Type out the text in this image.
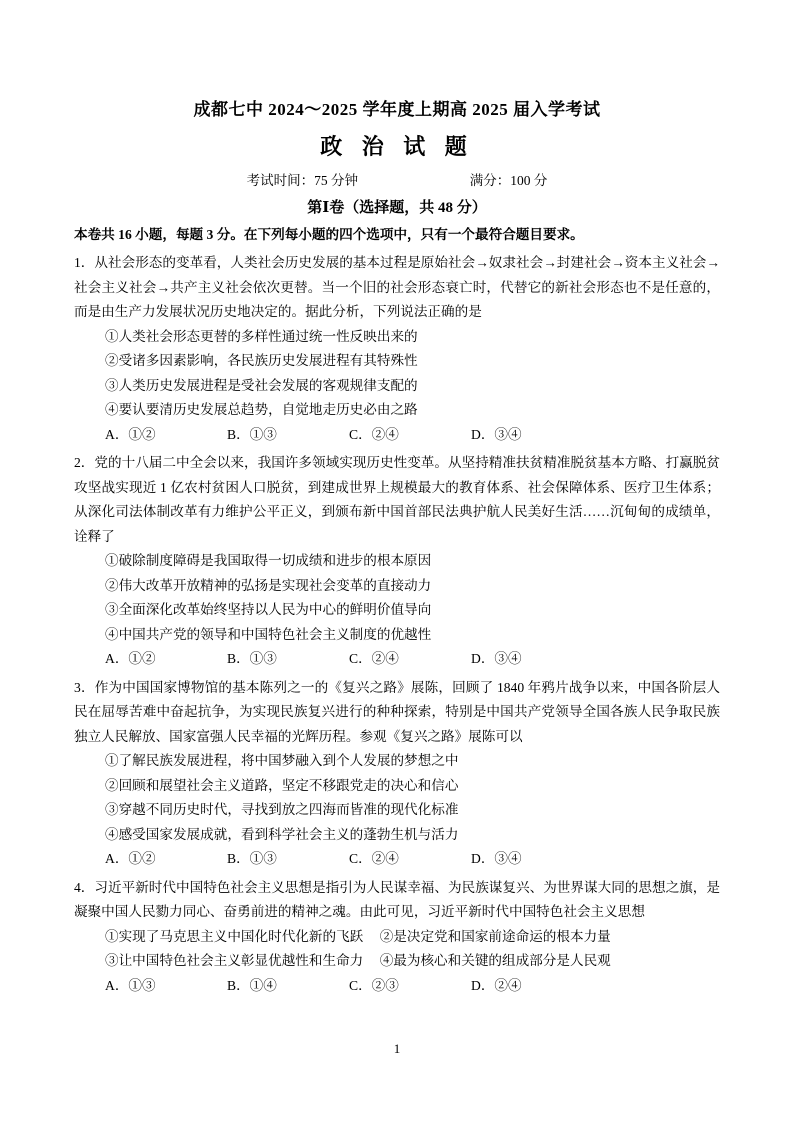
成都七中 2024～2025 学年度上期高 2025 届入学考试
政 治 试 题
考试时间：75 分钟	满分：100 分
第Ⅰ卷（选择题，共 48 分）
本卷共 16 小题，每题 3 分。在下列每小题的四个选项中，只有一个最符合题目要求。
1．从社会形态的变革看，人类社会历史发展的基本过程是原始社会→奴隶社会→封建社会→资本主义社会→社会主义社会→共产主义社会依次更替。当一个旧的社会形态衰亡时，代替它的新社会形态也不是任意的，而是由生产力发展状况历史地决定的。据此分析，下列说法正确的是
①人类社会形态更替的多样性通过统一性反映出来的
②受诸多因素影响，各民族历史发展进程有其特殊性
③人类历史发展进程是受社会发展的客观规律支配的
④要认要清历史发展总趋势，自觉地走历史必由之路
A．①②	B．①③	C．②④	D．③④
2．党的十八届二中全会以来，我国许多领域实现历史性变革。从坚持精准扶贫精准脱贫基本方略、打赢脱贫攻坚战实现近 1 亿农村贫困人口脱贫，到建成世界上规模最大的教育体系、社会保障体系、医疗卫生体系；从深化司法体制改革有力维护公平正义，到颁布新中国首部民法典护航人民美好生活……沉甸甸的成绩单，诠释了
①破除制度障碍是我国取得一切成绩和进步的根本原因
②伟大改革开放精神的弘扬是实现社会变革的直接动力
③全面深化改革始终坚持以人民为中心的鲜明价值导向
④中国共产党的领导和中国特色社会主义制度的优越性
A．①②	B．①③	C．②④	D．③④
3．作为中国国家博物馆的基本陈列之一的《复兴之路》展陈，回顾了 1840 年鸦片战争以来，中国各阶层人民在屈辱苦难中奋起抗争，为实现民族复兴进行的种种探索，特别是中国共产党领导全国各族人民争取民族独立人民解放、国家富强人民幸福的光辉历程。参观《复兴之路》展陈可以
①了解民族发展进程，将中国梦融入到个人发展的梦想之中
②回顾和展望社会主义道路，坚定不移跟党走的决心和信心
③穿越不同历史时代，寻找到放之四海而皆准的现代化标准
④感受国家发展成就，看到科学社会主义的蓬勃生机与活力
A．①②	B．①③	C．②④	D．③④
4．习近平新时代中国特色社会主义思想是指引为人民谋幸福、为民族谋复兴、为世界谋大同的思想之旗，是凝聚中国人民勠力同心、奋勇前进的精神之魂。由此可见，习近平新时代中国特色社会主义思想
①实现了马克思主义中国化时代化新的飞跃 ②是决定党和国家前途命运的根本力量
③让中国特色社会主义彰显优越性和生命力 ④最为核心和关键的组成部分是人民观
A．①③	B．①④	C．②③	D．②④
1
